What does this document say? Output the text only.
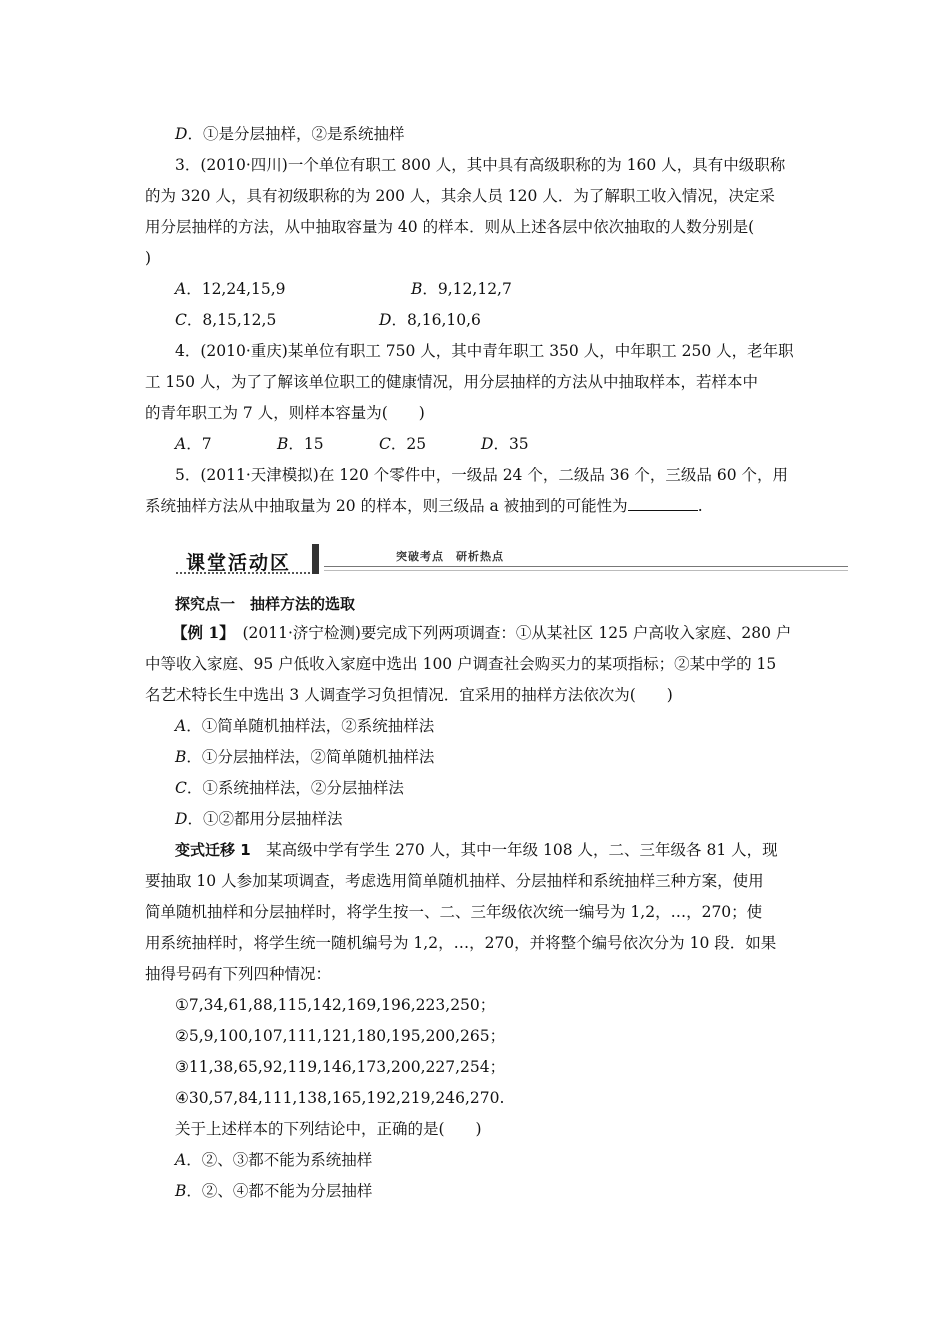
D．①是分层抽样，②是系统抽样
3．(2010·四川)一个单位有职工 800 人，其中具有高级职称的为 160 人，具有中级职称
的为 320 人，具有初级职称的为 200 人，其余人员 120 人．为了解职工收入情况，决定采
用分层抽样的方法，从中抽取容量为 40 的样本．则从上述各层中依次抽取的人数分别是(
)
A．12,24,15,9	B．9,12,12,7
C．8,15,12,5	D．8,16,10,6
4．(2010·重庆)某单位有职工 750 人，其中青年职工 350 人，中年职工 250 人，老年职
工 150 人，为了了解该单位职工的健康情况，用分层抽样的方法从中抽取样本，若样本中
的青年职工为 7 人，则样本容量为(　　)
A．7	B．15	C．25	D．35
5．(2011·天津模拟)在 120 个零件中，一级品 24 个，二级品 36 个，三级品 60 个，用
系统抽样方法从中抽取量为 20 的样本，则三级品 a 被抽到的可能性为	.
课堂活动区	突破考点　研析热点
探究点一　抽样方法的选取
【例 1】　 (2011·济宁检测)要完成下列两项调查：①从某社区 125 户高收入家庭、280 户
中等收入家庭、95 户低收入家庭中选出 100 户调查社会购买力的某项指标；②某中学的 15
名艺术特长生中选出 3 人调查学习负担情况．宜采用的抽样方法依次为(　　)
A．①简单随机抽样法，②系统抽样法
B．①分层抽样法，②简单随机抽样法
C．①系统抽样法，②分层抽样法
D．①②都用分层抽样法
变式迁移 1　某高级中学有学生 270 人，其中一年级 108 人，二、三年级各 81 人，现
要抽取 10 人参加某项调查，考虑选用简单随机抽样、分层抽样和系统抽样三种方案，使用
简单随机抽样和分层抽样时，将学生按一、二、三年级依次统一编号为 1,2，…，270；使
用系统抽样时，将学生统一随机编号为 1,2，…，270，并将整个编号依次分为 10 段．如果
抽得号码有下列四种情况：
①7,34,61,88,115,142,169,196,223,250；
②5,9,100,107,111,121,180,195,200,265；
③11,38,65,92,119,146,173,200,227,254；
④30,57,84,111,138,165,192,219,246,270.
关于上述样本的下列结论中，正确的是(　　)
A．②、③都不能为系统抽样
B．②、④都不能为分层抽样
